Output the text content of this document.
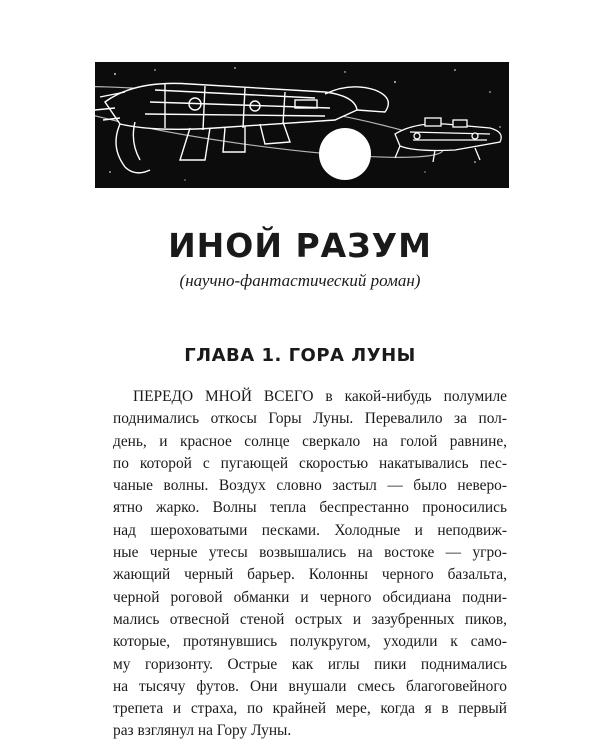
ИНОЙ РАЗУМ
(научно-фантастический роман)
ГЛАВА 1. ГОРА ЛУНЫ
ПЕРЕДО МНОЙ ВСЕГО в какой-нибудь полумиле
поднимались откосы Горы Луны. Перевалило за пол-
день, и красное солнце сверкало на голой равнине,
по которой с пугающей скоростью накатывались пес-
чаные волны. Воздух словно застыл — было неверо-
ятно жарко. Волны тепла беспрестанно проносились
над шероховатыми песками. Холодные и неподвиж-
ные черные утесы возвышались на востоке — угро-
жающий черный барьер. Колонны черного базальта,
черной роговой обманки и черного обсидиана подни-
мались отвесной стеной острых и зазубренных пиков,
которые, протянувшись полукругом, уходили к само-
му горизонту. Острые как иглы пики поднимались
на тысячу футов. Они внушали смесь благоговейного
трепета и страха, по крайней мере, когда я в первый
раз взглянул на Гору Луны.
